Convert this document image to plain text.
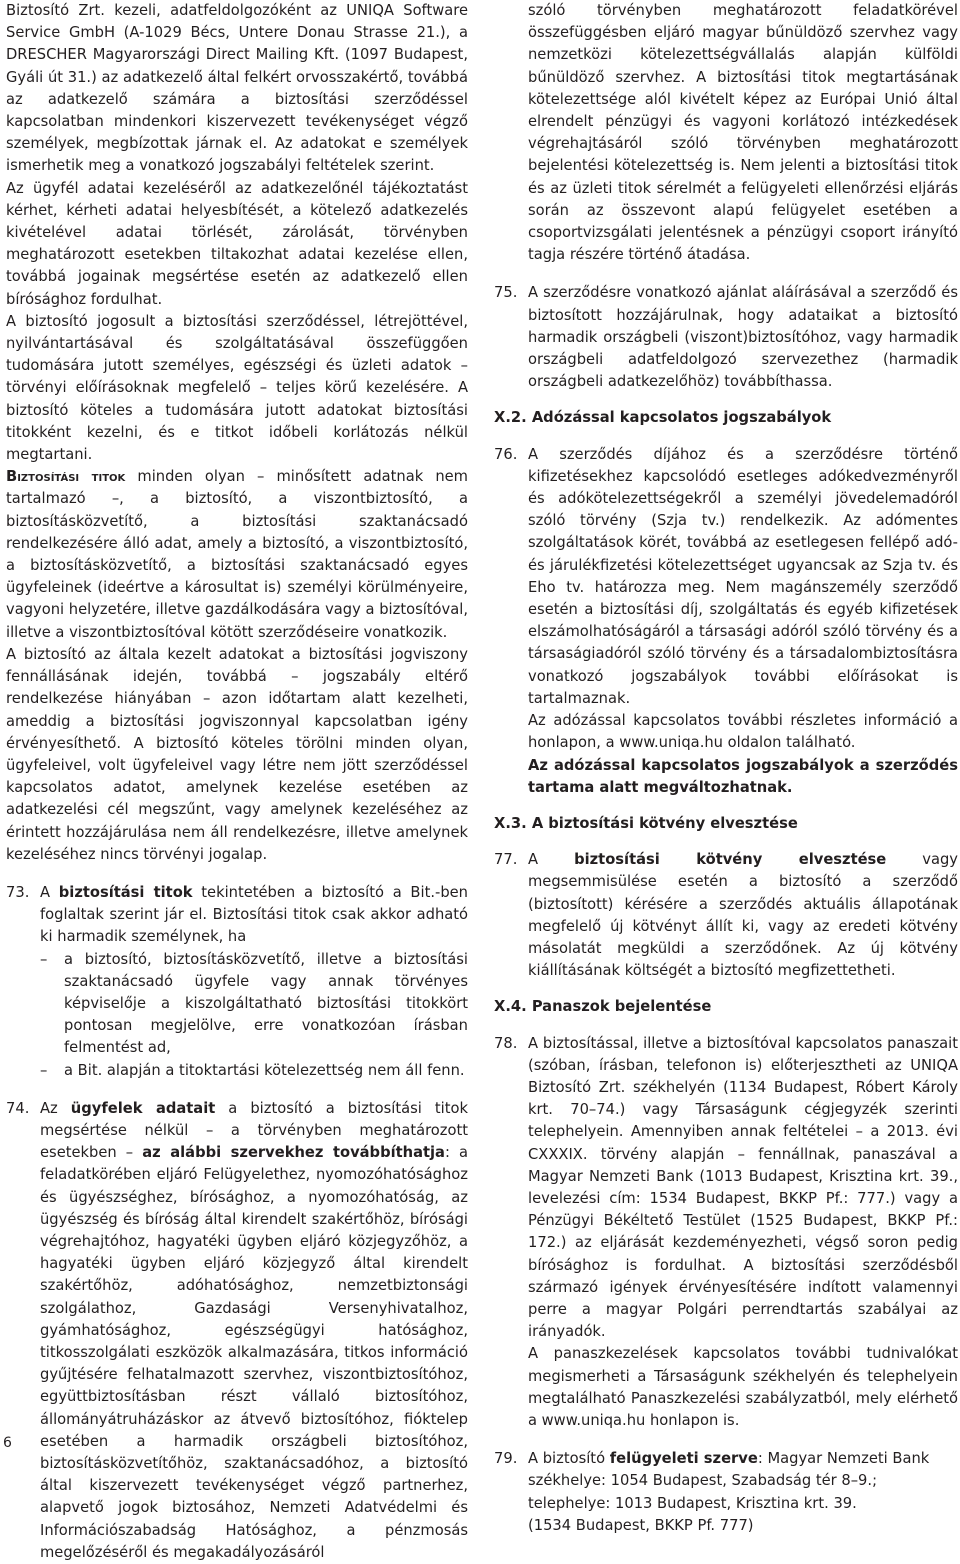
Biztosító Zrt. kezeli, adatfeldolgozóként az UNIQA Software Service GmbH (A-1029 Bécs, Untere Donau Strasse 21.), a DRESCHER Magyarországi Direct Mailing Kft. (1097 Budapest, Gyáli út 31.) az adatkezelő által felkért orvosszakértő, továbbá az adatkezelő számára a biztosítási szerződéssel kapcsolatban mindenkori kiszervezett tevékenységet végző személyek, megbízottak járnak el. Az adatokat e személyek ismerhetik meg a vonatkozó jogszabályi feltételek szerint.

Az ügyfél adatai kezeléséről az adatkezelőnél tájékoztatást kérhet, kérheti adatai helyesbítését, a kötelező adatkezelés kivételével adatai törlését, zárolását, törvényben meghatározott esetekben tiltakozhat adatai kezelése ellen, továbbá jogainak megsértése esetén az adatkezelő ellen bírósághoz fordulhat.

A biztosító jogosult a biztosítási szerződéssel, létrejöttével, nyilvántartásával és szolgáltatásával összefüggően tudomására jutott személyes, egészségi és üzleti adatok – törvényi előírásoknak megfelelő – teljes körű kezelésére. A biztosító köteles a tudomására jutott adatokat biztosítási titokként kezelni, és e titkot időbeli korlátozás nélkül megtartani.

Biztosítási titok minden olyan – minősített adatnak nem tartalmazó –, a biztosító, a viszontbiztosító, a biztosításközvetítő, a biztosítási szaktanácsadó rendelkezésére álló adat, amely a biztosító, a viszontbiztosító, a biztosításközvetítő, a biztosítási szaktanácsadó egyes ügyfeleinek (ideértve a károsultat is) személyi körülményeire, vagyoni helyzetére, illetve gazdálkodására vagy a biztosítóval, illetve a viszontbiztosítóval kötött szerződéseire vonatkozik.

A biztosító az általa kezelt adatokat a biztosítási jogviszony fennállásának idején, továbbá – jogszabály eltérő rendelkezése hiányában – azon időtartam alatt kezelheti, ameddig a biztosítási jogviszonnyal kapcsolatban igény érvényesíthető. A biztosító köteles törölni minden olyan, ügyfeleivel, volt ügyfeleivel vagy létre nem jött szerződéssel kapcsolatos adatot, amelynek kezelése esetében az adatkezelési cél megszűnt, vagy amelynek kezeléséhez az érintett hozzájárulása nem áll rendelkezésre, illetve amelynek kezeléséhez nincs törvényi jogalap.

73. A biztosítási titok tekintetében a biztosító a Bit.-ben foglaltak szerint jár el. Biztosítási titok csak akkor adható ki harmadik személynek, ha

– a biztosító, biztosításközvetítő, illetve a biztosítási szaktanácsadó ügyfele vagy annak törvényes képviselője a kiszolgáltatható biztosítási titokkört pontosan megjelölve, erre vonatkozóan írásban felmentést ad,

– a Bit. alapján a titoktartási kötelezettség nem áll fenn.

74. Az ügyfelek adatait a biztosító a biztosítási titok megsértése nélkül – a törvényben meghatározott esetekben – az alábbi szervekhez továbbíthatja: a feladatkörében eljáró Felügyelethez, nyomozóhatósághoz és ügyészséghez, bírósághoz, a nyomozóhatóság, az ügyészség és bíróság által kirendelt szakértőhöz, bírósági végrehajtóhoz, hagyatéki ügyben eljáró közjegyzőhöz, a hagyatéki ügyben eljáró közjegyző által kirendelt szakértőhöz, adóhatósághoz, nemzetbiztonsági szolgálathoz, Gazdasági Versenyhivatalhoz, gyámhatósághoz, egészségügyi hatósághoz, titkosszolgálati eszközök alkalmazására, titkos információ gyűjtésére felhatalmazott szervhez, viszontbiztosítóhoz, együttbiztosításban részt vállaló biztosítóhoz, állományátruházáskor az átvevő biztosítóhoz, fióktelep esetében a harmadik országbeli biztosítóhoz, biztosításközvetítőhöz, szaktanácsadóhoz, a biztosító által kiszervezett tevékenységet végző partnerhez, alapvető jogok biztosához, Nemzeti Adatvédelmi és Információszabadság Hatósághoz, a pénzmosás megelőzéséről és megakadályozásáról

szóló törvényben meghatározott feladatkörével összefüggésben eljáró magyar bűnüldöző szervhez vagy nemzetközi kötelezettségvállalás alapján külföldi bűnüldöző szervhez. A biztosítási titok megtartásának kötelezettsége alól kivételt képez az Európai Unió által elrendelt pénzügyi és vagyoni korlátozó intézkedések végrehajtásáról szóló törvényben meghatározott bejelentési kötelezettség is. Nem jelenti a biztosítási titok és az üzleti titok sérelmét a felügyeleti ellenőrzési eljárás során az összevont alapú felügyelet esetében a csoportvizsgálati jelentésnek a pénzügyi csoport irányító tagja részére történő átadása.

75. A szerződésre vonatkozó ajánlat aláírásával a szerződő és biztosított hozzájárulnak, hogy adataikat a biztosító harmadik országbeli (viszont)biztosítóhoz, vagy harmadik országbeli adatfeldolgozó szervezethez (harmadik országbeli adatkezelőhöz) továbbíthassa.

X.2. Adózással kapcsolatos jogszabályok

76. A szerződés díjához és a szerződésre történő kifizetésekhez kapcsolódó esetleges adókedvezményről és adókötelezettségekről a személyi jövedelemadóról szóló törvény (Szja tv.) rendelkezik. Az adómentes szolgáltatások körét, továbbá az esetlegesen fellépő adó- és járulékfizetési kötelezettséget ugyancsak az Szja tv. és Eho tv. határozza meg. Nem magánszemély szerződő esetén a biztosítási díj, szolgáltatás és egyéb kifizetések elszámolhatóságáról a társasági adóról szóló törvény és a társaságiadóról szóló törvény és a társadalombiztosításra vonatkozó jogszabályok további előírásokat is tartalmaznak.

Az adózással kapcsolatos további részletes információ a honlapon, a www.uniqa.hu oldalon található.

Az adózással kapcsolatos jogszabályok a szerződés tartama alatt megváltozhatnak.

X.3. A biztosítási kötvény elvesztése

77. A biztosítási kötvény elvesztése vagy megsemmisülése esetén a biztosító a szerződő (biztosított) kérésére a szerződés aktuális állapotának megfelelő új kötvényt állít ki, vagy az eredeti kötvény másolatát megküldi a szerződőnek. Az új kötvény kiállításának költségét a biztosító megfizettetheti.

X.4. Panaszok bejelentése

78. A biztosítással, illetve a biztosítóval kapcsolatos panaszait (szóban, írásban, telefonon is) előterjesztheti az UNIQA Biztosító Zrt. székhelyén (1134 Budapest, Róbert Károly krt. 70–74.) vagy Társaságunk cégjegyzék szerinti telephelyein. Amennyiben annak feltételei – a 2013. évi CXXXIX. törvény alapján – fennállnak, panaszával a Magyar Nemzeti Bank (1013 Budapest, Krisztina krt. 39., levelezési cím: 1534 Budapest, BKKP Pf.: 777.) vagy a Pénzügyi Békéltető Testület (1525 Budapest, BKKP Pf.: 172.) az eljárását kezdeményezheti, végső soron pedig bírósághoz is fordulhat. A biztosítási szerződésből származó igények érvényesítésére indított valamennyi perre a magyar Polgári perrendtartás szabályai az irányadók.

A panaszkezelések kapcsolatos további tudnivalókat megismerheti a Társaságunk székhelyén és telephelyein megtalálható Panaszkezelési szabályzatból, mely elérhető a www.uniqa.hu honlapon is.

79. A biztosító felügyeleti szerve: Magyar Nemzeti Bank

székhelye: 1054 Budapest, Szabadság tér 8–9.;

telephelye: 1013 Budapest, Krisztina krt. 39.

(1534 Budapest, BKKP Pf. 777)

6
